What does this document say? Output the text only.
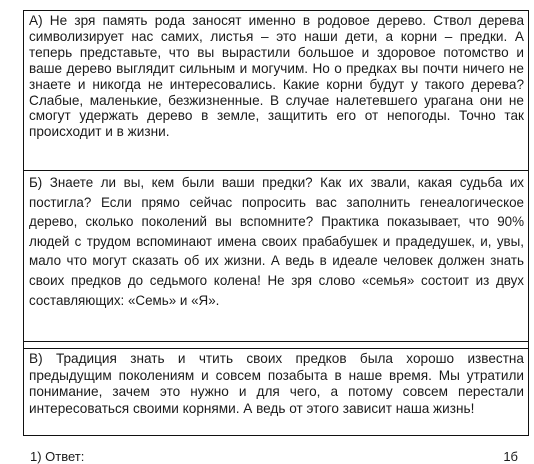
А) Не зря память рода заносят именно в родовое дерево. Ствол дерева символизирует нас самих, листья – это наши дети, а корни – предки. А теперь представьте, что вы вырастили большое и здоровое потомство и ваше дерево выглядит сильным и могучим. Но о предках вы почти ничего не знаете и никогда не интересовались. Какие корни будут у такого дерева? Слабые, маленькие, безжизненные. В случае налетевшего урагана они не смогут удержать дерево в земле, защитить его от непогоды. Точно так происходит и в жизни.
Б) Знаете ли вы, кем были ваши предки? Как их звали, какая судьба их постигла? Если прямо сейчас попросить вас заполнить генеалогическое дерево, сколько поколений вы вспомните? Практика показывает, что 90% людей с трудом вспоминают имена своих прабабушек и прадедушек, и, увы, мало что могут сказать об их жизни. А ведь в идеале человек должен знать своих предков до седьмого колена! Не зря слово «семья» состоит из двух составляющих: «Семь» и «Я».
В) Традиция знать и чтить своих предков была хорошо известна предыдущим поколениям и совсем позабыта в наше время. Мы утратили понимание, зачем это нужно и для чего, а потому совсем перестали интересоваться своими корнями. А ведь от этого зависит наша жизнь!
1) Ответ:	1б
